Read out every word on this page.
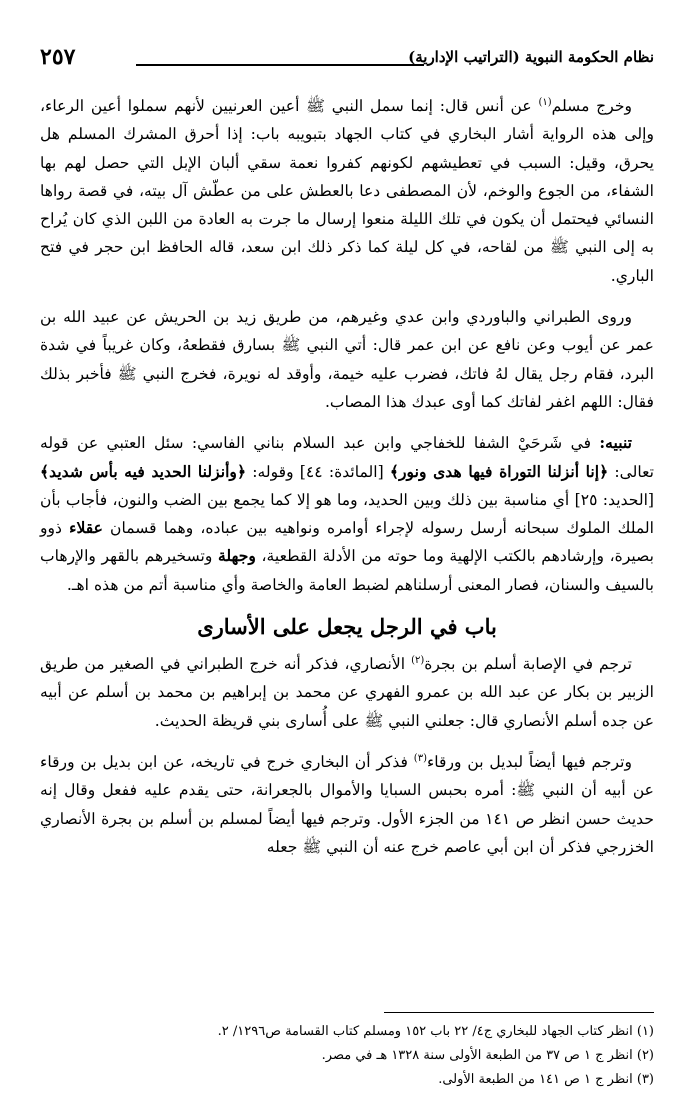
نظام الحكومة النبوية (التراتيب الإدارية)
٢٥٧

وخرج مسلم$^{(١)}$ عن أنس قال: إنما سمل النبي ﷺ أعين العرنيين لأنهم سملوا أعين الرعاء، وإلى هذه الرواية أشار البخاري في كتاب الجهاد بتبويبه باب: إذا أحرق المشرك المسلم هل يحرق، وقيل: السبب في تعطيشهم لكونهم كفروا نعمة سقي ألبان الإبل التي حصل لهم بها الشفاء، من الجوع والوخم، لأن المصطفى دعا بالعطش على من عطّش آل بيته، في قصة رواها النسائي فيحتمل أن يكون في تلك الليلة منعوا إرسال ما جرت به العادة من اللبن الذي كان يُراح به إلى النبي ﷺ من لقاحه، في كل ليلة كما ذكر ذلك ابن سعد، قاله الحافظ ابن حجر في فتح الباري.

وروى الطبراني والباوردي وابن عدي وغيرهم، من طريق زيد بن الحريش عن عبيد الله بن عمر عن أيوب وعن نافع عن ابن عمر قال: أتي النبي ﷺ بسارق فقطعهُ، وكان غريباً في شدة البرد، فقام رجل يقال لهُ فاتك، فضرب عليه خيمة، وأوقد له نويرة، فخرج النبي ﷺ فأخبر بذلك فقال: اللهم اغفر لفاتك كما أوى عبدك هذا المصاب.

تنبيه: في شَرحَيْ الشفا للخفاجي وابن عبد السلام بناني الفاسي: سئل العتبي عن قوله تعالى: ﴿إنا أنزلنا التوراة فيها هدى ونور﴾ [المائدة: ٤٤] وقوله: ﴿وأنزلنا الحديد فيه بأس شديد﴾ [الحديد: ٢٥] أي مناسبة بين ذلك وبين الحديد، وما هو إلا كما يجمع بين الضب والنون، فأجاب بأن الملك الملوك سبحانه أرسل رسوله لإجراء أوامره ونواهيه بين عباده، وهما قسمان عقلاء ذوو بصيرة، وإرشادهم بالكتب الإلهية وما حوته من الأدلة القطعية، وجهلة وتسخيرهم بالقهر والإرهاب بالسيف والسنان، فصار المعنى أرسلناهم لضبط العامة والخاصة وأي مناسبة أتم من هذه اهـ.

باب في الرجل يجعل على الأسارى

ترجم في الإصابة أسلم بن بجرة$^{(٢)}$ الأنصاري، فذكر أنه خرج الطبراني في الصغير من طريق الزبير بن بكار عن عبد الله بن عمرو الفهري عن محمد بن إبراهيم بن محمد بن أسلم عن أبيه عن جده أسلم الأنصاري قال: جعلني النبي ﷺ على أُسارى بني قريظة الحديث.

وترجم فيها أيضاً لبديل بن ورقاء$^{(٣)}$ فذكر أن البخاري خرج في تاريخه، عن ابن بديل بن ورقاء عن أبيه أن النبي ﷺ: أمره بحبس السبايا والأموال بالجعرانة، حتى يقدم عليه ففعل وقال إنه حديث حسن انظر ص ١٤١ من الجزء الأول. وترجم فيها أيضاً لمسلم بن أسلم بن بجرة الأنصاري الخزرجي فذكر أن ابن أبي عاصم خرج عنه أن النبي ﷺ جعله

(١) انظر كتاب الجهاد للبخاري ج٤/ ٢٢ باب ١٥٢ ومسلم كتاب القسامة ص١٢٩٦/ ٢.

(٢) انظر ج ١ ص ٣٧ من الطبعة الأولى سنة ١٣٢٨ هـ في مصر.

(٣) انظر ج ١ ص ١٤١ من الطبعة الأولى.
